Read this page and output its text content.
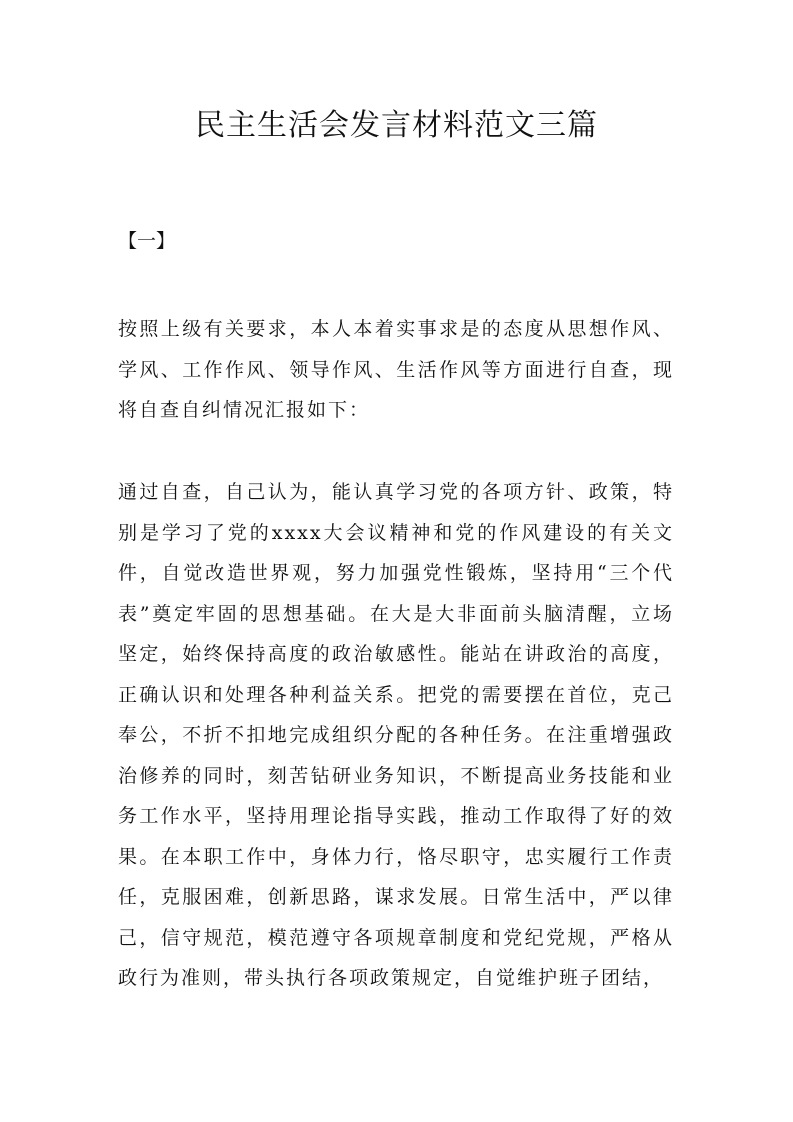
民主生活会发言材料范文三篇
【一】

按照上级有关要求，本人本着实事求是的态度从思想作风、学风、工作作风、领导作风、生活作风等方面进行自查，现将自查自纠情况汇报如下：

通过自查，自己认为，能认真学习党的各项方针、政策，特别是学习了党的xxxx大会议精神和党的作风建设的有关文件，自觉改造世界观，努力加强党性锻炼，坚持用“三个代表”奠定牢固的思想基础。在大是大非面前头脑清醒，立场坚定，始终保持高度的政治敏感性。能站在讲政治的高度，正确认识和处理各种利益关系。把党的需要摆在首位，克己奉公，不折不扣地完成组织分配的各种任务。在注重增强政治修养的同时，刻苦钻研业务知识，不断提高业务技能和业务工作水平，坚持用理论指导实践，推动工作取得了好的效果。在本职工作中，身体力行，恪尽职守，忠实履行工作责任，克服困难，创新思路，谋求发展。日常生活中，严以律己，信守规范，模范遵守各项规章制度和党纪党规，严格从政行为准则，带头执行各项政策规定，自觉维护班子团结，
